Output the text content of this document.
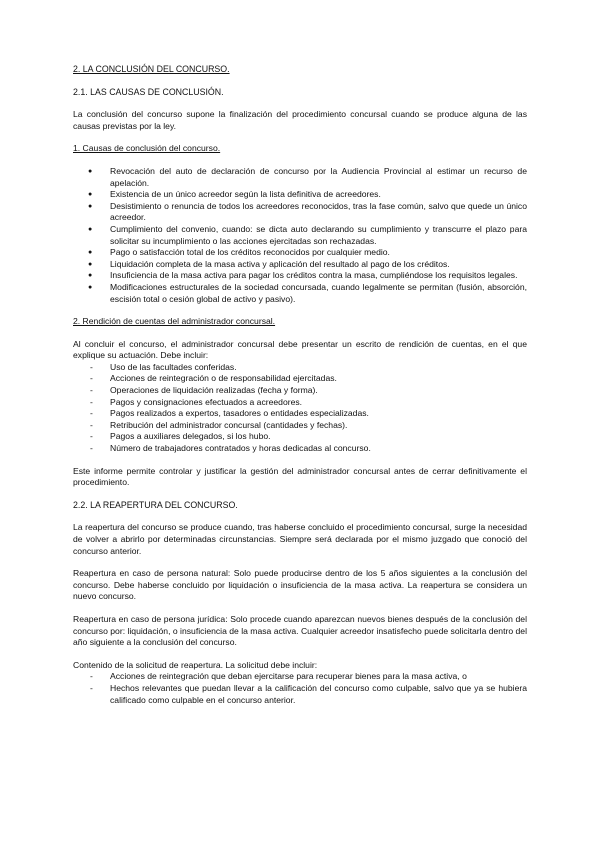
2. LA CONCLUSIÓN DEL CONCURSO.
2.1. LAS CAUSAS DE CONCLUSIÓN.

La conclusión del concurso supone la finalización del procedimiento concursal cuando se produce alguna de las causas previstas por la ley.

1. Causas de conclusión del concurso.

● Revocación del auto de declaración de concurso por la Audiencia Provincial al estimar un recurso de apelación.
● Existencia de un único acreedor según la lista definitiva de acreedores.
● Desistimiento o renuncia de todos los acreedores reconocidos, tras la fase común, salvo que quede un único acreedor.
● Cumplimiento del convenio, cuando: se dicta auto declarando su cumplimiento y transcurre el plazo para solicitar su incumplimiento o las acciones ejercitadas son rechazadas.
● Pago o satisfacción total de los créditos reconocidos por cualquier medio.
● Liquidación completa de la masa activa y aplicación del resultado al pago de los créditos.
● Insuficiencia de la masa activa para pagar los créditos contra la masa, cumpliéndose los requisitos legales.
● Modificaciones estructurales de la sociedad concursada, cuando legalmente se permitan (fusión, absorción, escisión total o cesión global de activo y pasivo).

2. Rendición de cuentas del administrador concursal.

Al concluir el concurso, el administrador concursal debe presentar un escrito de rendición de cuentas, en el que explique su actuación. Debe incluir:

- Uso de las facultades conferidas.
- Acciones de reintegración o de responsabilidad ejercitadas.
- Operaciones de liquidación realizadas (fecha y forma).
- Pagos y consignaciones efectuados a acreedores.
- Pagos realizados a expertos, tasadores o entidades especializadas.
- Retribución del administrador concursal (cantidades y fechas).
- Pagos a auxiliares delegados, si los hubo.
- Número de trabajadores contratados y horas dedicadas al concurso.

Este informe permite controlar y justificar la gestión del administrador concursal antes de cerrar definitivamente el procedimiento.

2.2. LA REAPERTURA DEL CONCURSO.

La reapertura del concurso se produce cuando, tras haberse concluido el procedimiento concursal, surge la necesidad de volver a abrirlo por determinadas circunstancias. Siempre será declarada por el mismo juzgado que conoció del concurso anterior.

Reapertura en caso de persona natural: Solo puede producirse dentro de los 5 años siguientes a la conclusión del concurso. Debe haberse concluido por liquidación o insuficiencia de la masa activa. La reapertura se considera un nuevo concurso.

Reapertura en caso de persona jurídica: Solo procede cuando aparezcan nuevos bienes después de la conclusión del concurso por: liquidación, o insuficiencia de la masa activa. Cualquier acreedor insatisfecho puede solicitarla dentro del año siguiente a la conclusión del concurso.

Contenido de la solicitud de reapertura. La solicitud debe incluir:

- Acciones de reintegración que deban ejercitarse para recuperar bienes para la masa activa, o
- Hechos relevantes que puedan llevar a la calificación del concurso como culpable, salvo que ya se hubiera calificado como culpable en el concurso anterior.
